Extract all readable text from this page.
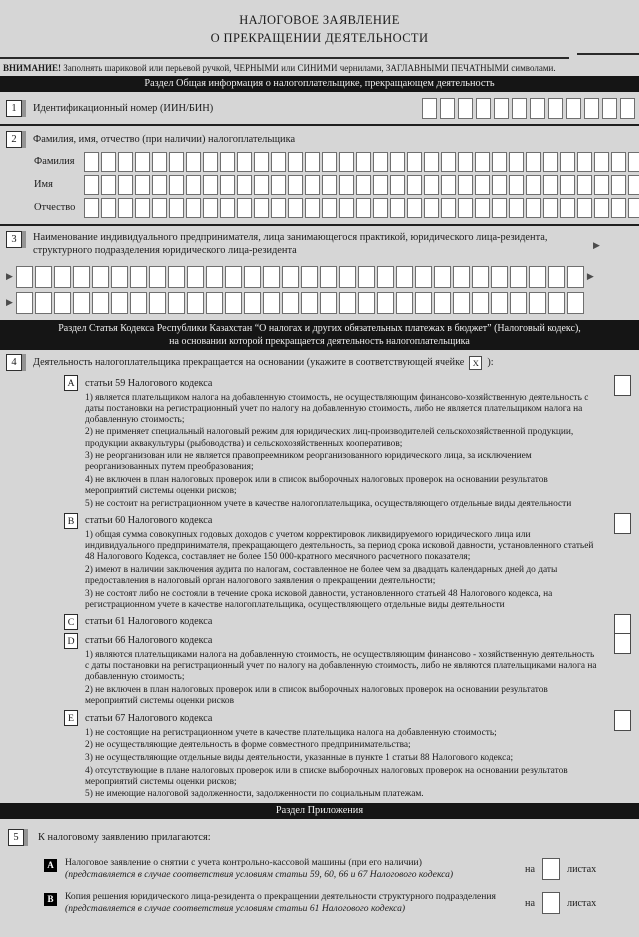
НАЛОГОВОЕ ЗАЯВЛЕНИЕ
О ПРЕКРАЩЕНИИ ДЕЯТЕЛЬНОСТИ
ВНИМАНИЕ! Заполнять шариковой или перьевой ручкой, ЧЕРНЫМИ или СИНИМИ чернилами, ЗАГЛАВНЫМИ ПЕЧАТНЫМИ символами.
Раздел Общая информация о налогоплательщике, прекращающем деятельность
1	Идентификационный номер (ИИН/БИН)
2	Фамилия, имя, отчество (при наличии) налогоплательщика
Фамилия
Имя
Отчество
3	Наименование индивидуального предпринимателя, лица занимающегося практикой, юридического лица-резидента, структурного подразделения юридического лица-резидента	▶
▶	▶
▶
Раздел Статья Кодекса Республики Казахстан “О налогах и других обязательных платежах в бюджет” (Налоговый кодекс),
на основании которой прекращается деятельность налогоплательщика
4	Деятельность налогоплательщика прекращается на основании (укажите в соответствующей ячейке X ):
A	статьи 59 Налогового кодекса
1) является плательщиком налога на добавленную стоимость, не осуществляющим финансово-хозяйственную деятельность с даты постановки на регистрационный учет по налогу на добавленную стоимость, либо не является плательщиком налога на добавленную стоимость;
2) не применяет специальный налоговый режим для юридических лиц-производителей сельскохозяйственной продукции, продукции аквакультуры (рыбоводства) и сельскохозяйственных кооперативов;
3) не реорганизован или не является правопреемником реорганизованного юридического лица, за исключением реорганизованных путем преобразования;
4) не включен в план налоговых проверок или в список выборочных налоговых проверок на основании результатов мероприятий системы оценки рисков;
5) не состоит на регистрационном учете в качестве налогоплательщика, осуществляющего отдельные виды деятельности
B	статьи 60 Налогового кодекса
1) общая сумма совокупных годовых доходов с учетом корректировок ликвидируемого юридического лица или индивидуального предпринимателя, прекращающего деятельность, за период срока исковой давности, установленного статьей 48 Налогового Кодекса, составляет не более 150 000-кратного месячного расчетного показателя;
2) имеют в наличии заключения аудита по налогам, составленное не более чем за двадцать календарных дней до даты предоставления в налоговый орган налогового заявления о прекращении деятельности;
3) не состоят либо не состояли в течение срока исковой давности, установленного статьей 48 Налогового кодекса, на регистрационном учете в качестве налогоплательщика, осуществляющего отдельные виды деятельности
C	статьи 61 Налогового кодекса
D	статьи 66 Налогового кодекса
1) являются плательщиками налога на добавленную стоимость, не осуществляющим финансово - хозяйственную деятельность с даты постановки на регистрационный учет по налогу на добавленную стоимость, либо не являются плательщиками налога на добавленную стоимость;
2) не включен в план налоговых проверок или в список выборочных налоговых проверок на основании результатов мероприятий системы оценки рисков
E	статьи 67 Налогового кодекса
1) не состоящие на регистрационном учете в качестве плательщика налога на добавленную стоимость;
2) не осуществляющие деятельность в форме совместного предпринимательства;
3) не осуществляющие отдельные виды деятельности, указанные в пункте 1 статьи 88 Налогового кодекса;
4) отсутствующие в плане налоговых проверок или в списке выборочных налоговых проверок на основании результатов мероприятий системы оценки рисков;
5) не имеющие налоговой задолженности, задолженности по социальным платежам.
Раздел Приложения
5	К налоговому заявлению прилагаются:
A	Налоговое заявление о снятии с учета контрольно-кассовой машины (при его наличии)
(представляется в случае соответствия условиям статьи 59, 60, 66 и 67 Налогового кодекса)	на	листах
B	Копия решения юридического лица-резидента о прекращении деятельности структурного подразделения
(представляется в случае соответствия условиям статьи 61 Налогового кодекса)	на	листах
